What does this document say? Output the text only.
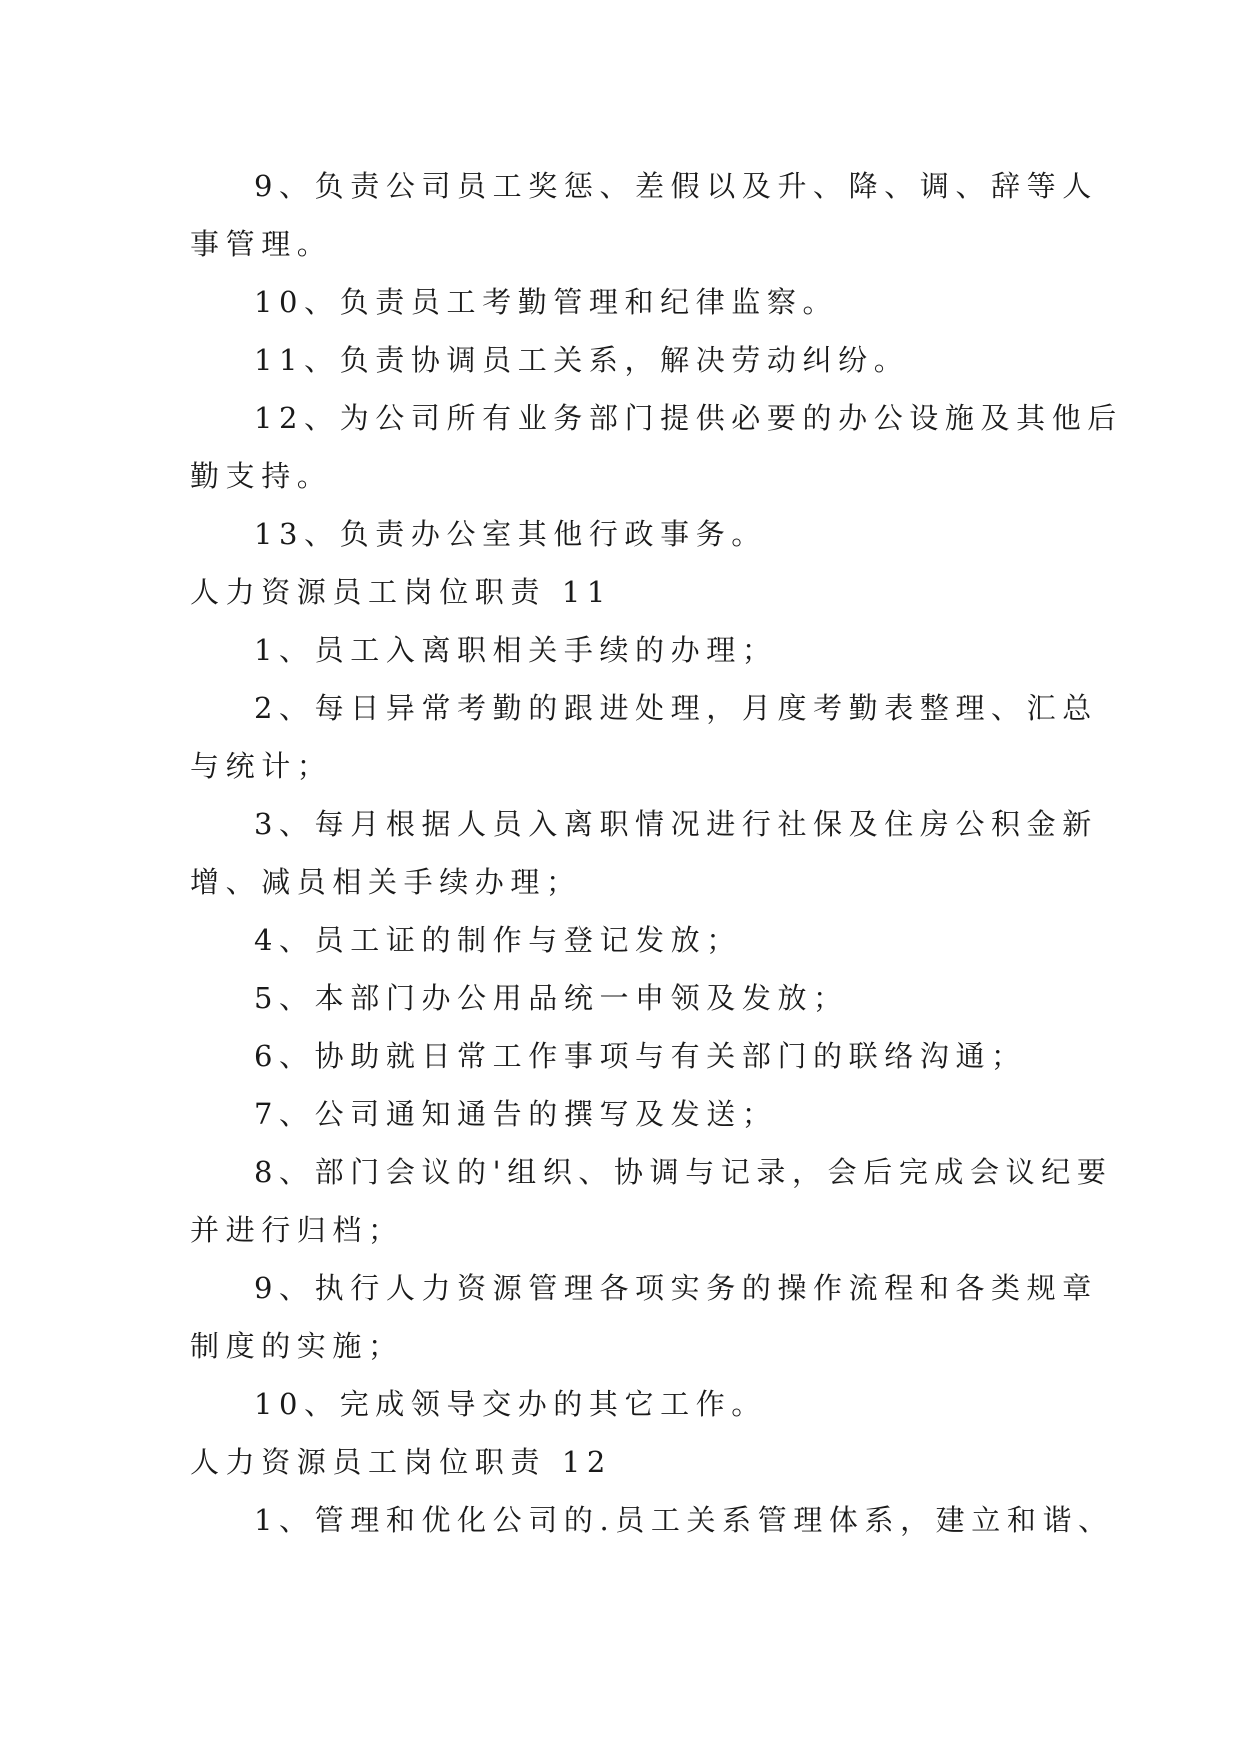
9、负责公司员工奖惩、差假以及升、降、调、辞等人
事管理。
10、负责员工考勤管理和纪律监察。
11、负责协调员工关系，解决劳动纠纷。
12、为公司所有业务部门提供必要的办公设施及其他后
勤支持。
13、负责办公室其他行政事务。
人力资源员工岗位职责 11
1、员工入离职相关手续的办理；
2、每日异常考勤的跟进处理，月度考勤表整理、汇总
与统计；
3、每月根据人员入离职情况进行社保及住房公积金新
增、减员相关手续办理；
4、员工证的制作与登记发放；
5、本部门办公用品统一申领及发放；
6、协助就日常工作事项与有关部门的联络沟通；
7、公司通知通告的撰写及发送；
8、部门会议的'组织、协调与记录，会后完成会议纪要
并进行归档；
9、执行人力资源管理各项实务的操作流程和各类规章
制度的实施；
10、完成领导交办的其它工作。
人力资源员工岗位职责 12
1、管理和优化公司的.员工关系管理体系，建立和谐、
